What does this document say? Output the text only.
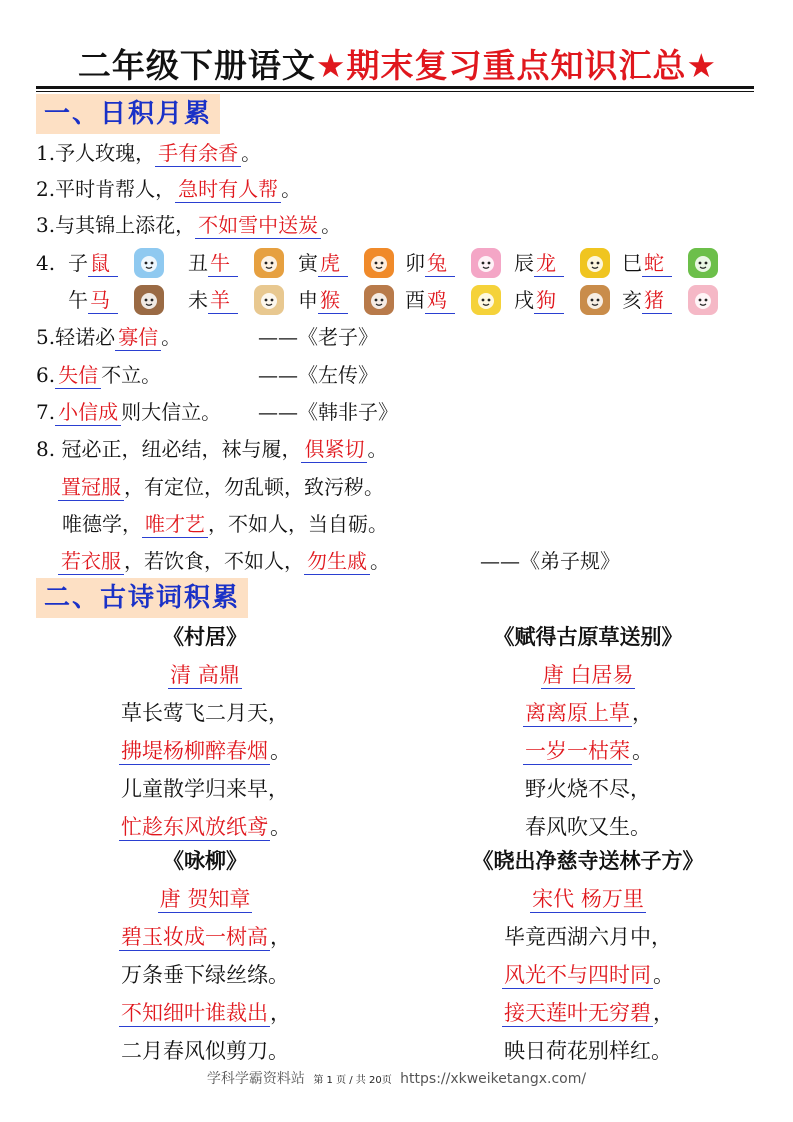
二年级下册语文★期末复习重点知识汇总★
一、日积月累
1.予人玫瑰， 手有余香 。
2.平时肯帮人， 急时有人帮 。
3.与其锦上添花， 不如雪中送炭 。
4. 子 鼠	丑 牛	寅 虎	卯 兔	辰 龙	巳 蛇
午 马	未 羊	申 猴	酉 鸡	戌 狗	亥 猪
5.轻诺必 寡信 。	——《老子》
6. 失信 不立。	——《左传》
7. 小信成 则大信立。 ——《韩非子》
8. 冠必正，纽必结，袜与履， 俱紧切 。
置冠服 ，有定位，勿乱顿，致污秽。
唯德学， 唯才艺 ，不如人，当自砺。
若衣服 ，若饮食，不如人， 勿生戚 。	——《弟子规》
二、古诗词积累
《村居》
清 高鼎
草长莺飞二月天，
拂堤杨柳醉春烟。
儿童散学归来早，
忙趁东风放纸鸢。
《赋得古原草送别》
唐 白居易
离离原上草，
一岁一枯荣。
野火烧不尽，
春风吹又生。
《咏柳》
唐 贺知章
碧玉妆成一树高，
万条垂下绿丝绦。
不知细叶谁裁出，
二月春风似剪刀。
《晓出净慈寺送林子方》
宋代 杨万里
毕竟西湖六月中，
风光不与四时同。
接天莲叶无穷碧，
映日荷花别样红。
学科学霸资料站 第 1 页 / 共 20页 https://xkweiketangx.com/
